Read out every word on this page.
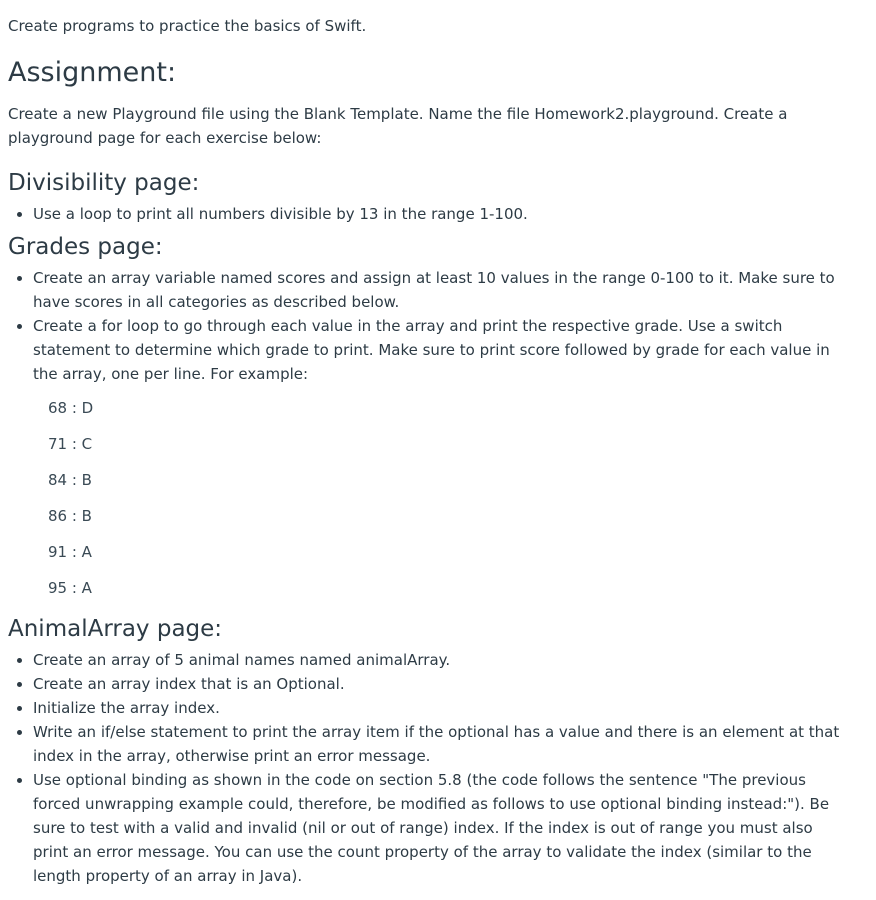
Create programs to practice the basics of Swift.

Assignment:

Create a new Playground file using the Blank Template. Name the file Homework2.playground. Create a playground page for each exercise below:

Divisibility page:
• Use a loop to print all numbers divisible by 13 in the range 1-100.
Grades page:
• Create an array variable named scores and assign at least 10 values in the range 0-100 to it. Make sure to have scores in all categories as described below.
• Create a for loop to go through each value in the array and print the respective grade. Use a switch statement to determine which grade to print. Make sure to print score followed by grade for each value in the array, one per line. For example:
68 : D
71 : C
84 : B
86 : B
91 : A
95 : A
AnimalArray page:
• Create an array of 5 animal names named animalArray.
• Create an array index that is an Optional.
• Initialize the array index.
• Write an if/else statement to print the array item if the optional has a value and there is an element at that index in the array, otherwise print an error message.
• Use optional binding as shown in the code on section 5.8 (the code follows the sentence "The previous forced unwrapping example could, therefore, be modified as follows to use optional binding instead:"). Be sure to test with a valid and invalid (nil or out of range) index. If the index is out of range you must also print an error message. You can use the count property of the array to validate the index (similar to the length property of an array in Java).
